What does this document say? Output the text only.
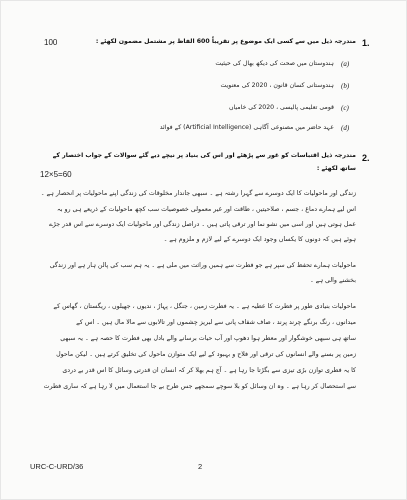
1.
100	مندرجہ ذیل میں سے کسی ایک موضوع پر تقریباً 600 الفاظ پر مشتمل مضمون لکھئے :
(a)
ہندوستان میں صحت کی دیکھ بھال کی حیثیت
(b)
ہندوستانی کسان قانون ، 2020 کی معنویت
(c)
قومی تعلیمی پالیسی ، 2020 کی خامیاں
(d)
عہد حاضر میں مصنوعی آگاہی (Artificial Intelligence) کے فوائد
2.
مندرجہ ذیل اقتباسات کو غور سے پڑھئے اور اس کی بنیاد پر نیچے دیے گئے سوالات کے جواب اختصار کے
ساتھ لکھئے :
12×5=60
زندگی اور ماحولیات کا ایک دوسرے سے گہرا رشتہ ہے ۔ سبھی جاندار مخلوقات کی زندگی اپنے ماحولیات پر انحصار ہے ۔
اس لیے ہمارے دماغ ، جسم ، صلاحیتیں ، طاقت اور غیر معمولی خصوصیات سب کچھ ماحولیات کے ذریعے ہی رو بہ
عمل ہوتی ہیں اور اسی میں نشو نما اور ترقی پاتی ہیں ۔ دراصل زندگی اور ماحولیات ایک دوسرے سے اس قدر جڑے
ہوئے ہیں کہ دونوں کا یکساں وجود ایک دوسرے کے لیے لازم و ملزوم ہے ۔
ماحولیات ہمارے تحفظ کی سپر ہے جو فطرت سے ہمیں وراثت میں ملی ہے ۔ یہ ہم سب کی پالن ہار ہے اور زندگی
بخشنے والی ہے ۔
ماحولیات بنیادی طور پر فطرت کا عطیہ ہے ۔ یہ فطرت زمین ، جنگل ، پہاڑ ، ندیوں ، جھیلوں ، ریگستان ، گھاس کے
میدانوں ، رنگ برنگے چرند پرند ، صاف شفاف پانی سے لبریز چشموں اور تالابوں سے مالا مال ہیں ۔ اس کے
ساتھ ہی سبھی خوشگوار اور معطر ہوا دھوپ اور آب حیات برسانے والے بادل بھی فطرت کا حصہ ہے ۔ یہ سبھی
زمین پر بسنے والے انسانوں کی ترقی اور فلاح و بہبود کے لیے ایک متوازن ماحول کی تخلیق کرتے ہیں ۔ لیکن ماحول
کا یہ فطری توازن بڑی تیزی سے بگڑتا جا رہا ہے ۔ آج ہم بھلا کر کہ انسان ان قدرتی وسائل کا اس قدر بے دردی
سے استحصال کر رہا ہے ۔ وہ ان وسائل کو بلا سوچے سمجھے جس طرح بے جا استعمال میں لا رہا ہے کہ ساری فطرت
URC-C-URD/36	2
